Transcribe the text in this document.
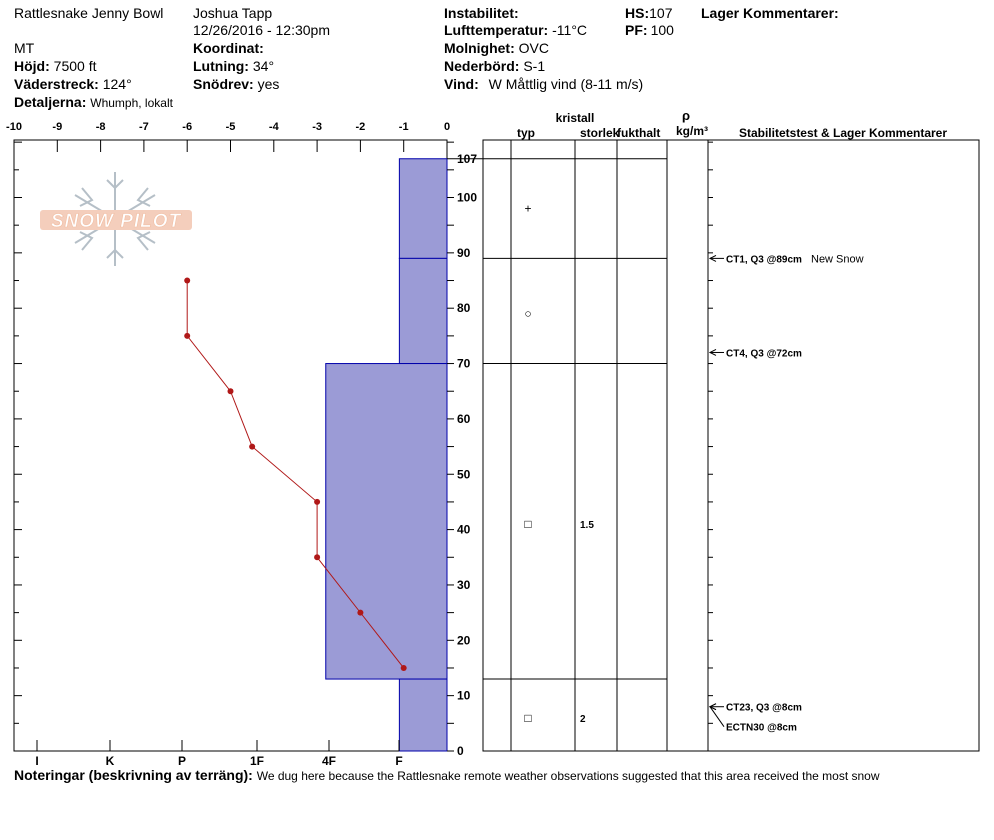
Rattlesnake Jenny Bowl
MT
Höjd: 7500 ft
Väderstreck: 124°
Detaljerna: Whumph, lokalt
Joshua Tapp
12/26/2016 - 12:30pm
Koordinat:
Lutning: 34°
Snödrev: yes
Instabilitet:
Lufttemperatur: -11°C
Molnighet: OVC
Nederbörd: S-1
Vind: W Måttlig vind (8-11 m/s)
HS:107
PF: 100
Lager Kommentarer:
SNOW PILOT
-10	-9	-8	-7	-6	-5	-4	-3	-2	-1	0
0
10
20
30
40
50
60
70
80
90
100
107
I	K	P	1F	4F	F
+
○
□	1.5
□	2
CT1, Q3 @89cm New Snow
CT4, Q3 @72cm
CT23, Q3 @8cm
ECTN30 @8cm
typ
kristall
storlek
fukthalt
ρ
kg/m³	Stabilitetstest & Lager Kommentarer
Noteringar (beskrivning av terräng): We dug here because the Rattlesnake remote weather observations suggested that this area received the most snow
